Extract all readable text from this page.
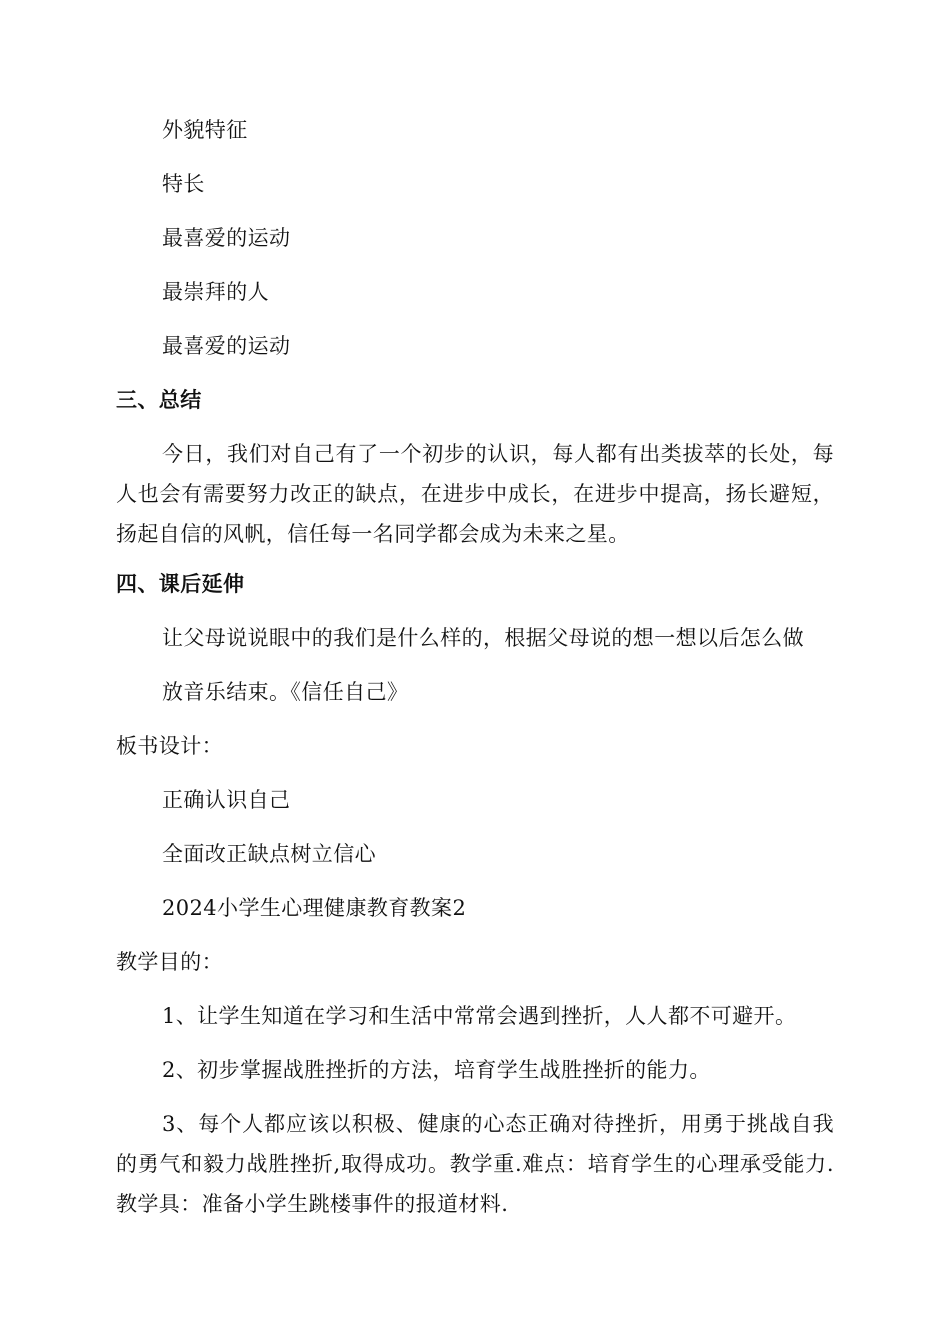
外貌特征
特长
最喜爱的运动
最崇拜的人
最喜爱的运动
三、总结
今日，我们对自己有了一个初步的认识，每人都有出类拔萃的长处，每人也会有需要努力改正的缺点，在进步中成长，在进步中提高，扬长避短，扬起自信的风帆，信任每一名同学都会成为未来之星。
四、课后延伸
让父母说说眼中的我们是什么样的，根据父母说的想一想以后怎么做
放音乐结束。《信任自己》
板书设计：
正确认识自己
全面改正缺点树立信心
2024小学生心理健康教育教案2
教学目的：
1、让学生知道在学习和生活中常常会遇到挫折，人人都不可避开。
2、初步掌握战胜挫折的方法，培育学生战胜挫折的能力。
3、每个人都应该以积极、健康的心态正确对待挫折，用勇于挑战自我的勇气和毅力战胜挫折,取得成功。教学重.难点：培育学生的心理承受能力.教学具：准备小学生跳楼事件的报道材料.
